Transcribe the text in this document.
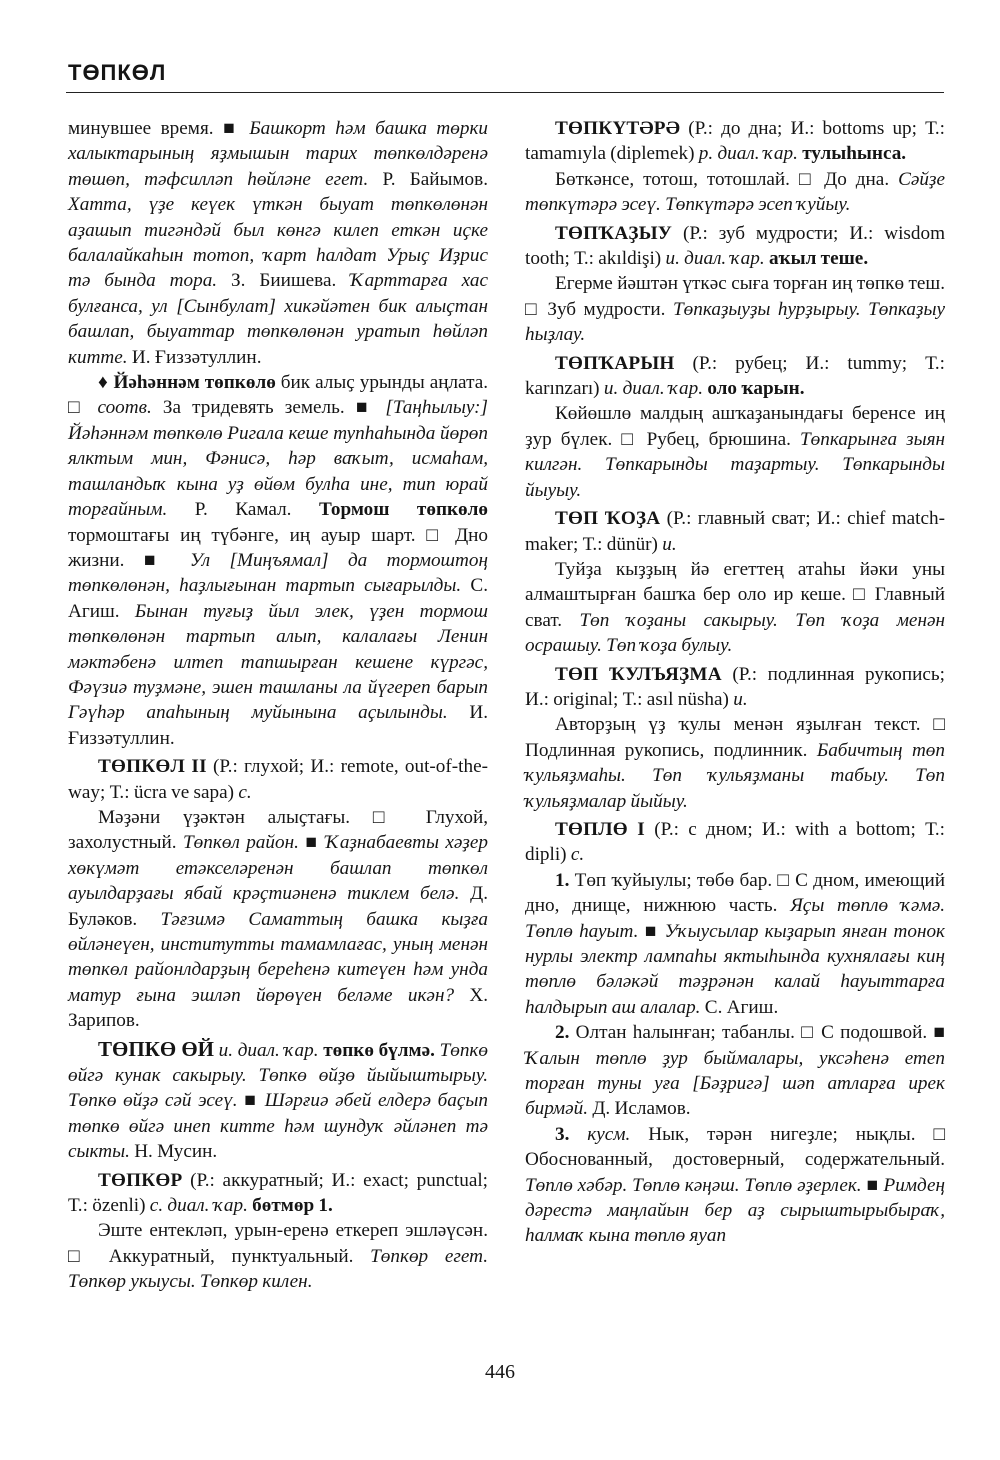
ТӨПКӨЛ

минувшее время. ■ Башкорт һәм башка төрки халыктарының яҙмышын тарих төпкөлдәренә төшөп, тәфсилләп һөйләне егет. Р. Байымов. Хатта, үҙе кеүек үткән быуат төпкөлөнән аҙашып тигәндәй был көнгә килеп еткән иҫке балалайкаһын тотоп, ҡарт һалдат Урыҫ Иҙрис тә бында тора. З. Биишева. Ҡарттарға хас булғанса, ул [Сынбулат] хикәйәтен бик алыҫтан башлап, быуаттар төпкөлөнән уратып һөйләп китте. И. Ғиззәтуллин.

♦ Йәһәннәм төпкөлө бик алыҫ урынды аңлата. □ соотв. За тридевять земель. ■ [Таңһылыу:] Йәһәннәм төпкөлө Ригала кеше тупһаһында йөрөп ялктым мин, Фәнисә, һәр ваҡыт, исмаһам, ташландыҡ кына уҙ өйөм булһа ине, тип юрай торғайным. Р. Камал. Тормош төпкөлө тормоштағы иң түбәнге, иң ауыр шарт. □ Дно жизни. ■	Ул [Миңъямал] да тормоштоң төпкөлөнән, һаҙлығынан тартып сығарылды. С. Агиш. Бынан туғыҙ йыл элек, үҙен тормош төпкөлөнән тартып алып, калалағы Ленин мәктәбенә илтеп тапшырған кешене күргәс, Фәүзиә туҙмәне, эшен ташланы ла йүгереп барып Гәүһәр апаһының муйынына аҫылынды. И. Ғиззәтуллин.

ТӨПКӨЛ II (Р.: глухой; И.: remote, out-of-the-way; Т.: ücra ve sapa) с.

Мәҙәни үҙәктән алыҫтағы. □	Глухой, захолустный. Төпкөл район. ■ Ҡаҙнабаевты хәҙер хөкүмәт етәкселәренән башлап төпкөл ауылдарҙағы ябай крәҫтиәненә тиклем белә. Д. Буләков. Тәғзимә Саматтың башка кыҙға өйләнеүен, институтты тамамлағас, уның менән төпкөл районлдарҙың береһенә китеүен һәм унда матур ғына эшләп йөрөүен беләме икән? Х. Зарипов.

ТӨПКӨ ӨЙ и. диал. ҡар. төпкө бүлмә. Төпкө өйгә кунак сакырыу. Төпкө өйҙө йыйыштырыу. Төпкө өйҙә сәй эсеү. ■ Шәрғиә әбей елдерә баҫып төпкө өйгә инеп китте һәм шундуҡ әйләнеп тә сыкты. Н. Мусин.

ТӨПКӨР (Р.: аккуратный; И.: exact; punctual; Т.: özenli) с. диал. ҡар. бөтмөр 1.

Эште ентекләп, урын-еренә еткереп эшләүсән. □ Аккуратный, пунктуальный. Төпкөр егет. Төпкөр укыусы. Төпкөр килен.

ТӨПКҮТӘРӘ (Р.: до дна; И.: bottoms up; Т.: tamamıyla (diplemek) р. диал. ҡар. тулыһынса.

Бөткәнсе, тотош, тотошлай. □ До дна. Сәйҙе төпкүтәрә эсеү. Төпкүтәрә эсеп ҡуйыу.

ТӨПҠАҘЫУ (Р.: зуб мудрости; И.: wisdom tooth; Т.: akıldişi) и. диал. ҡар. аҡыл теше.

Егерме йәштән үткәс сыға торған иң төпкө теш. □ Зуб мудрости. Төпкаҙыуҙы һурҙырыу. Төпкаҙыу һыҙлау.

ТӨПҠАРЫН (Р.: рубец; И.: tummy; Т.: karınzarı) и. диал. ҡар. оло ҡарын.

Көйөшлө малдың ашҡаҙанындағы беренсе иң ҙур бүлек. □ Рубец, брюшина. Төпкарынға зыян килгән. Төпкарынды таҙартыу. Төпкарынды йыуыу.

ТӨП ҠОҘА (Р.: главный сват; И.: chief match-maker; Т.: dünür) и.

Туйҙа кыҙҙың йә егеттең атаһы йәки уны алмаштырған башҡа бер оло ир кеше. □ Главный сват. Төп ҡоҙаны сакырыу. Төп ҡоҙа менән осрашыу. Төп ҡоҙа булыу.

ТӨП ҠУЛЪЯҘМА (Р.: подлинная рукопись; И.: original; Т.: asıl nüsha) и.

Авторҙың үҙ ҡулы менән яҙылған текст. □ Подлинная рукопись, подлинник. Бабичтың төп ҡульяҙмаһы. Төп ҡульяҙманы табыу. Төп ҡульяҙмалар йыйыу.

ТӨПЛӨ I (Р.: с дном; И.: with a bottom; Т.: dipli) с.

1. Төп ҡуйыулы; төбө бар. □ С дном, имеющий дно, днище, нижнюю часть. Яҫы төплө ҡәмә. Төплө һауыт. ■ Уҡыусылар кыҙарып янған тонок нурлы электр лампаһы яктыһында кухнялағы киң төплө бәләкәй тәҙрәнән калай һауыттарға һалдырып аш алалар. С. Агиш.

2. Олтан һалынған; табанлы. □ С подошвой. ■ Ҡалын төплө ҙур быймалары, уксәһенә етеп торған туны уға [Бәҙригә] шәп атларға ирек бирмәй. Д. Исламов.

3. кусм. Нык, тәрән нигеҙле; нықлы. □ Обоснованный, достоверный, содержательный. Төплө хәбәр. Төплө кәңәш. Төплө әҙерлек. ■ Римдең дәрестә маңлайын бер аҙ сырыштырыбыраҡ, һалмаҡ кына төплө яуап

446
